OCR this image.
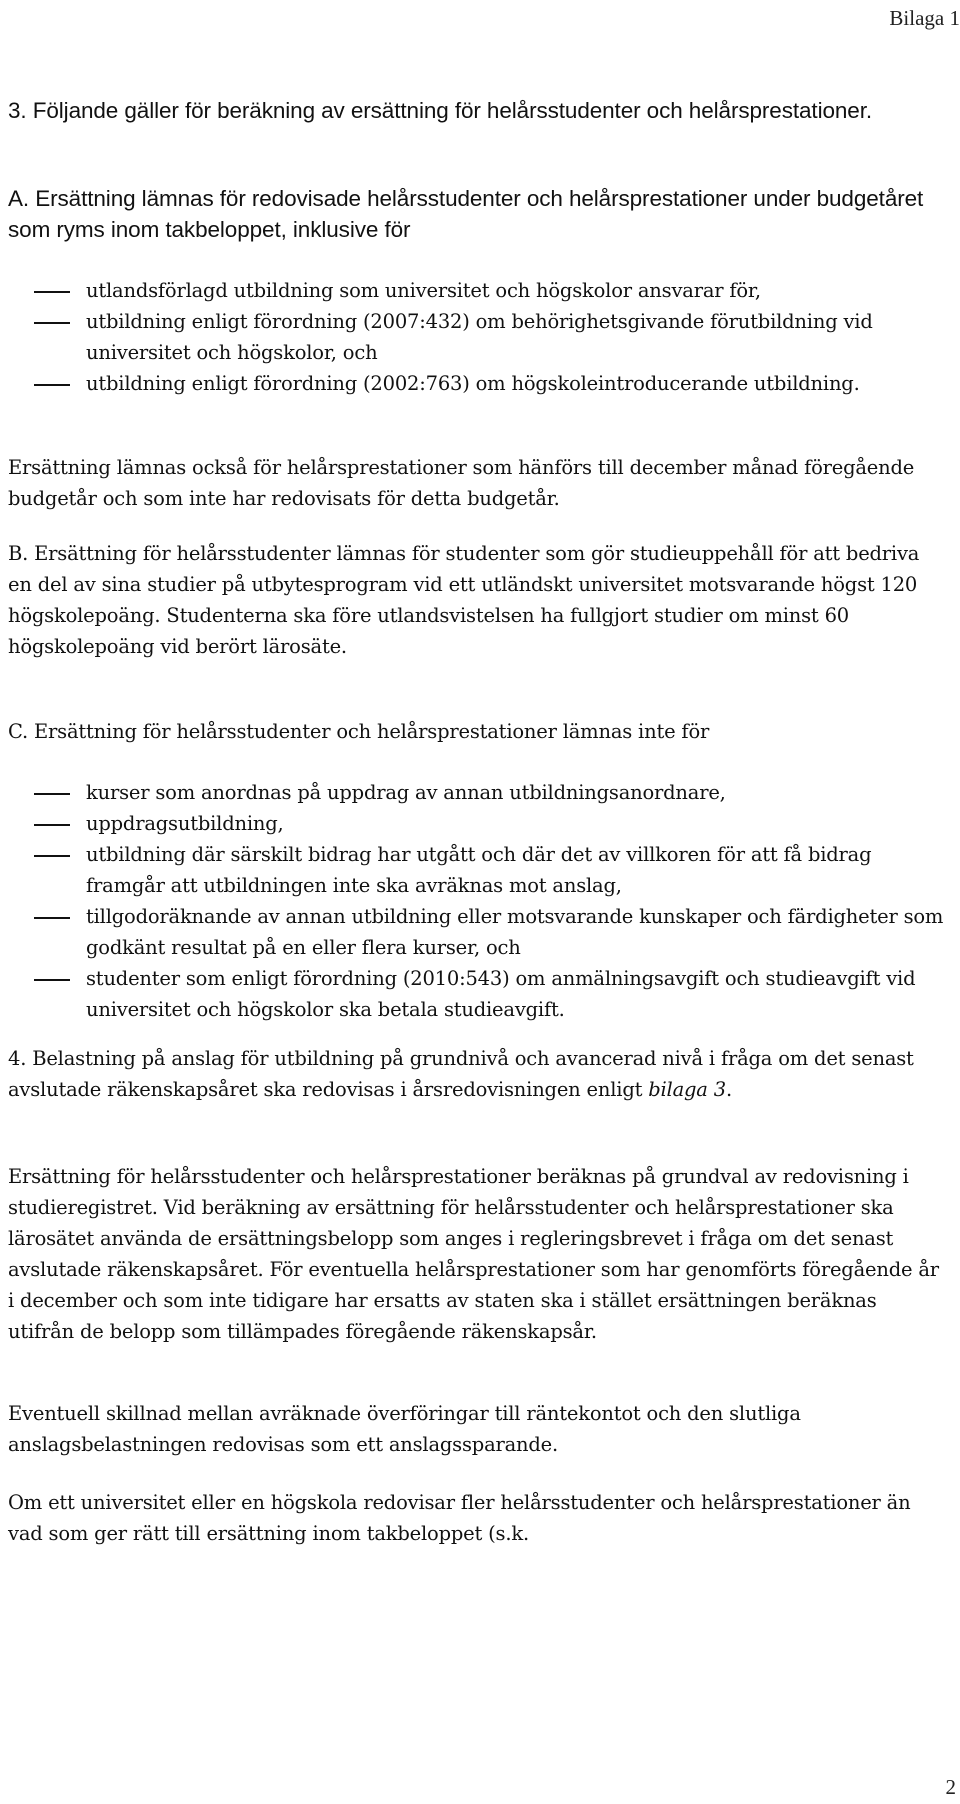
Bilaga 1

3. Följande gäller för beräkning av ersättning för helårsstudenter och helårsprestationer.

A. Ersättning lämnas för redovisade helårsstudenter och helårsprestationer under budgetåret som ryms inom takbeloppet, inklusive för

utlandsförlagd utbildning som universitet och högskolor ansvarar för,
utbildning enligt förordning (2007:432) om behörighetsgivande förutbildning vid universitet och högskolor, och
utbildning enligt förordning (2002:763) om högskoleintroducerande utbildning.

Ersättning lämnas också för helårsprestationer som hänförs till december månad föregående budgetår och som inte har redovisats för detta budgetår.

B. Ersättning för helårsstudenter lämnas för studenter som gör studieuppehåll för att bedriva en del av sina studier på utbytesprogram vid ett utländskt universitet motsvarande högst 120 högskolepoäng. Studenterna ska före utlandsvistelsen ha fullgjort studier om minst 60 högskolepoäng vid berört lärosäte.

C. Ersättning för helårsstudenter och helårsprestationer lämnas inte för

kurser som anordnas på uppdrag av annan utbildningsanordnare,
uppdragsutbildning,
utbildning där särskilt bidrag har utgått och där det av villkoren för att få bidrag framgår att utbildningen inte ska avräknas mot anslag,
tillgodoräknande av annan utbildning eller motsvarande kunskaper och färdigheter som godkänt resultat på en eller flera kurser, och
studenter som enligt förordning (2010:543) om anmälningsavgift och studieavgift vid universitet och högskolor ska betala studieavgift.

4. Belastning på anslag för utbildning på grundnivå och avancerad nivå i fråga om det senast avslutade räkenskapsåret ska redovisas i årsredovisningen enligt bilaga 3.

Ersättning för helårsstudenter och helårsprestationer beräknas på grundval av redovisning i studieregistret. Vid beräkning av ersättning för helårsstudenter och helårsprestationer ska lärosätet använda de ersättningsbelopp som anges i regleringsbrevet i fråga om det senast avslutade räkenskapsåret. För eventuella helårsprestationer som har genomförts föregående år i december och som inte tidigare har ersatts av staten ska i stället ersättningen beräknas utifrån de belopp som tillämpades föregående räkenskapsår.

Eventuell skillnad mellan avräknade överföringar till räntekontot och den slutliga anslagsbelastningen redovisas som ett anslagssparande.

Om ett universitet eller en högskola redovisar fler helårsstudenter och helårsprestationer än vad som ger rätt till ersättning inom takbeloppet (s.k.

2
